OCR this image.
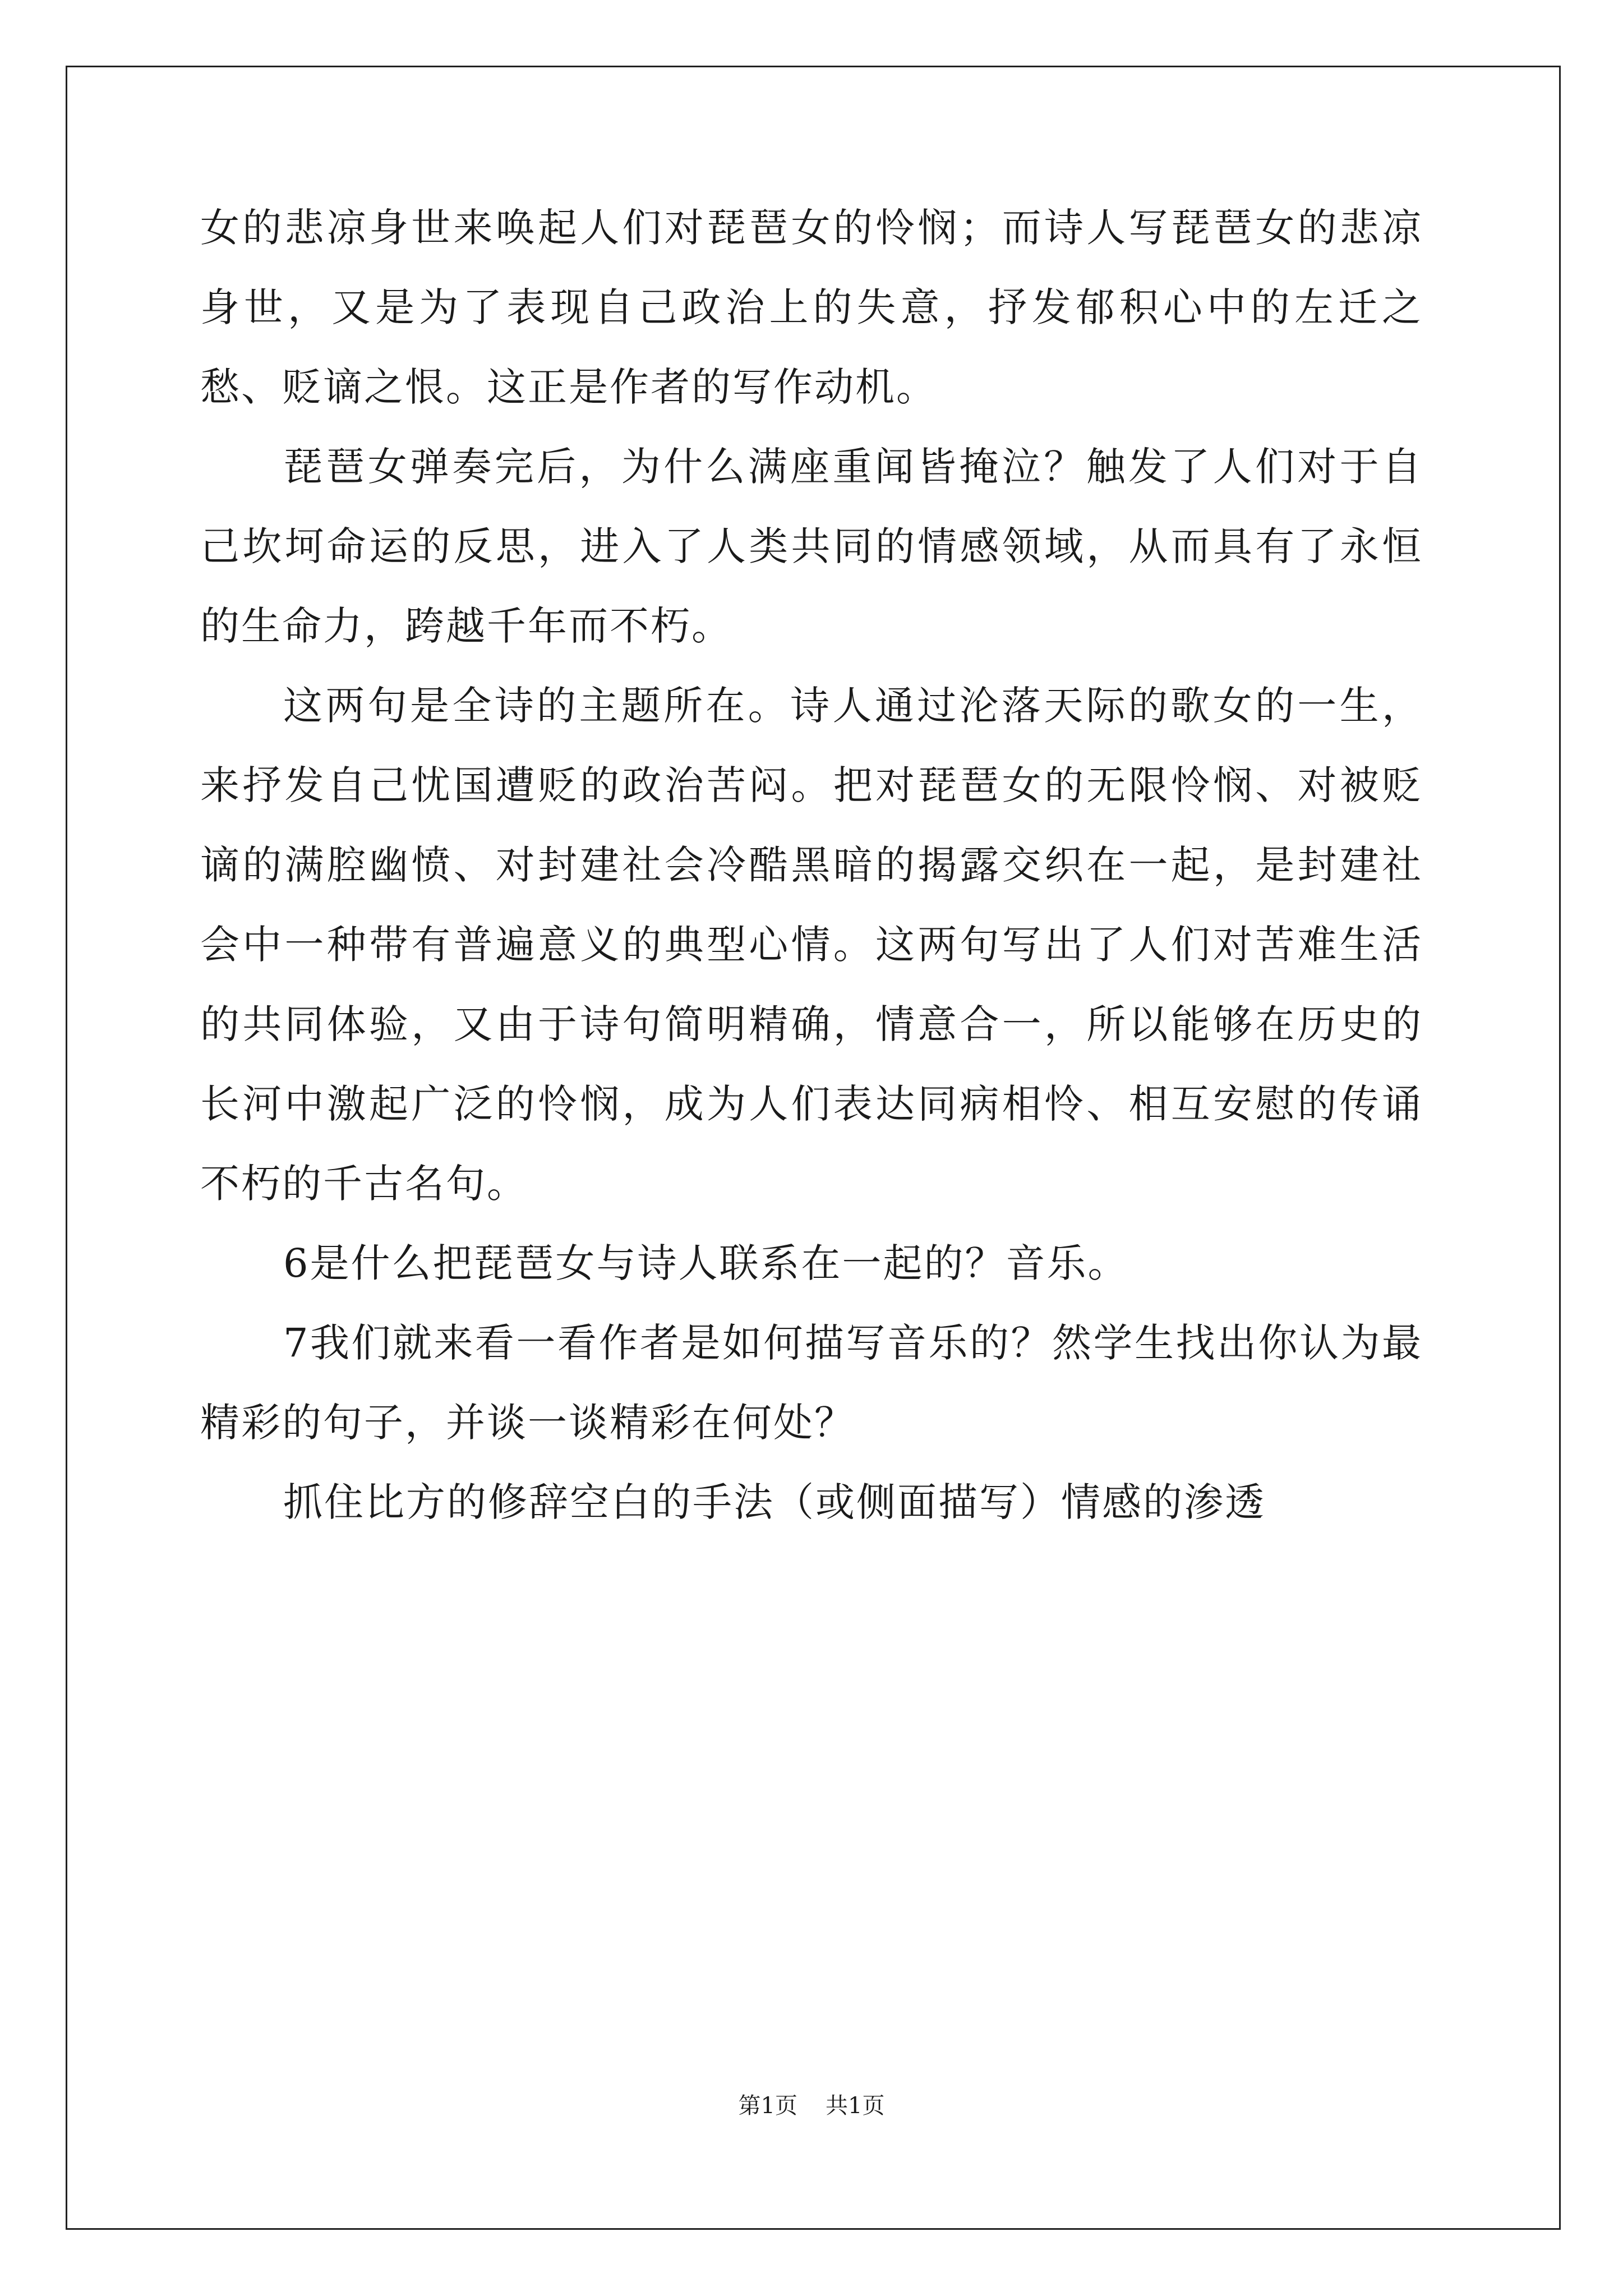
女的悲凉身世来唤起人们对琵琶女的怜悯；而诗人写琵琶女的悲凉身世，又是为了表现自己政治上的失意，抒发郁积心中的左迁之愁、贬谪之恨。这正是作者的写作动机。

琵琶女弹奏完后，为什么满座重闻皆掩泣？触发了人们对于自己坎坷命运的反思，进入了人类共同的情感领域，从而具有了永恒的生命力，跨越千年而不朽。

这两句是全诗的主题所在。诗人通过沦落天际的歌女的一生，来抒发自己忧国遭贬的政治苦闷。把对琵琶女的无限怜悯、对被贬谪的满腔幽愤、对封建社会冷酷黑暗的揭露交织在一起，是封建社会中一种带有普遍意义的典型心情。这两句写出了人们对苦难生活的共同体验，又由于诗句简明精确，情意合一，所以能够在历史的长河中激起广泛的怜悯，成为人们表达同病相怜、相互安慰的传诵不朽的千古名句。

6是什么把琵琶女与诗人联系在一起的？音乐。

7我们就来看一看作者是如何描写音乐的？然学生找出你认为最精彩的句子，并谈一谈精彩在何处？

抓住比方的修辞空白的手法（或侧面描写）情感的渗透

第1页 共1页
